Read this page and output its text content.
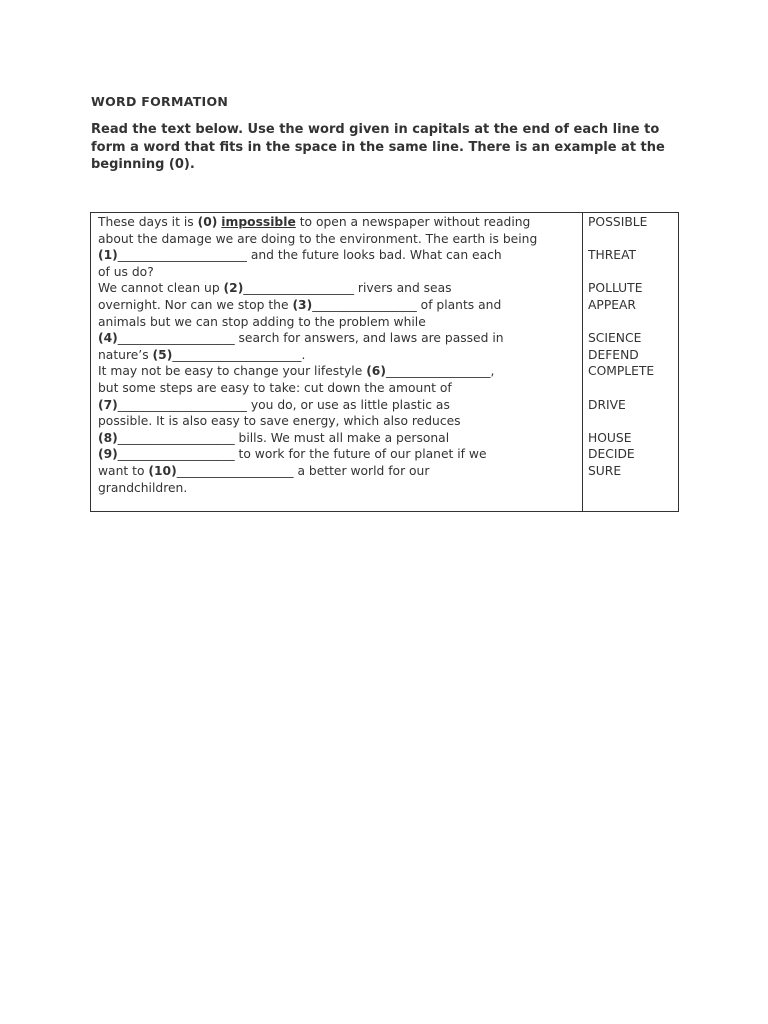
WORD FORMATION
Read the text below. Use the word given in capitals at the end of each line to form a word that fits in the space in the same line. There is an example at the beginning (0).
These days it is (0) impossible to open a newspaper without reading
about the damage we are doing to the environment. The earth is being
(1)_____________________ and the future looks bad. What can each
of us do?
We cannot clean up (2)__________________ rivers and seas
overnight. Nor can we stop the (3)_________________ of plants and
animals but we can stop adding to the problem while
(4)___________________ search for answers, and laws are passed in
nature’s (5)_____________________.
It may not be easy to change your lifestyle (6)_________________,
but some steps are easy to take: cut down the amount of
(7)_____________________ you do, or use as little plastic as
possible. It is also easy to save energy, which also reduces
(8)___________________ bills. We must all make a personal
(9)___________________ to work for the future of our planet if we
want to (10)___________________ a better world for our
grandchildren.
POSSIBLE
THREAT
POLLUTE
APPEAR
SCIENCE
DEFEND
COMPLETE
DRIVE
HOUSE
DECIDE
SURE
